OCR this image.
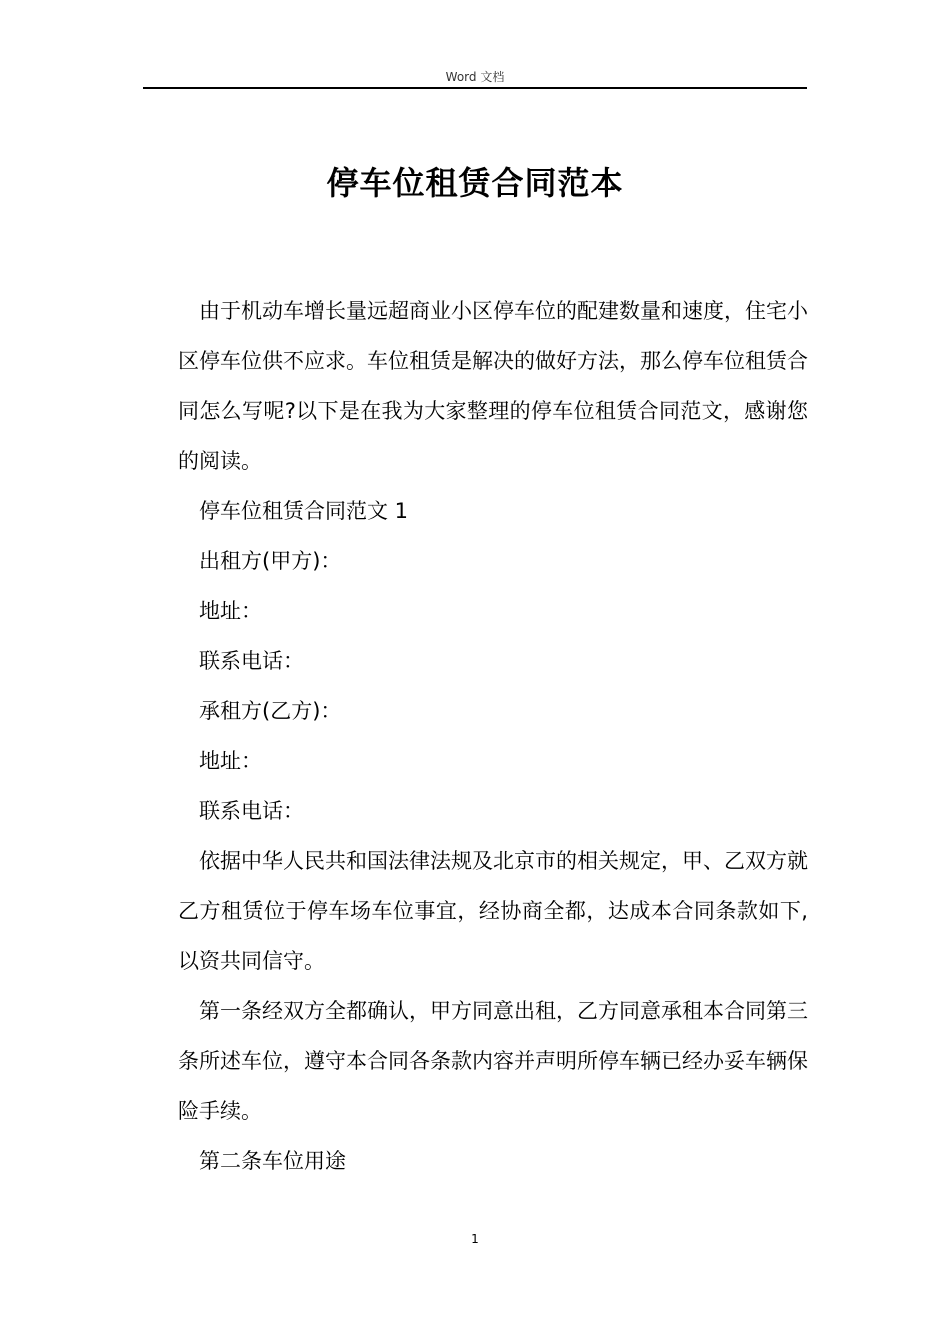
Word 文档
停车位租赁合同范本

由于机动车增长量远超商业小区停车位的配建数量和速度，住宅小区停车位供不应求。车位租赁是解决的做好方法，那么停车位租赁合同怎么写呢?以下是在我为大家整理的停车位租赁合同范文，感谢您的阅读。

停车位租赁合同范文 1

出租方(甲方)：

地址：

联系电话：

承租方(乙方)：

地址：

联系电话：

依据中华人民共和国法律法规及北京市的相关规定，甲、乙双方就乙方租赁位于停车场车位事宜，经协商全都，达成本合同条款如下,以资共同信守。

第一条经双方全都确认，甲方同意出租，乙方同意承租本合同第三条所述车位，遵守本合同各条款内容并声明所停车辆已经办妥车辆保险手续。

第二条车位用途

1
